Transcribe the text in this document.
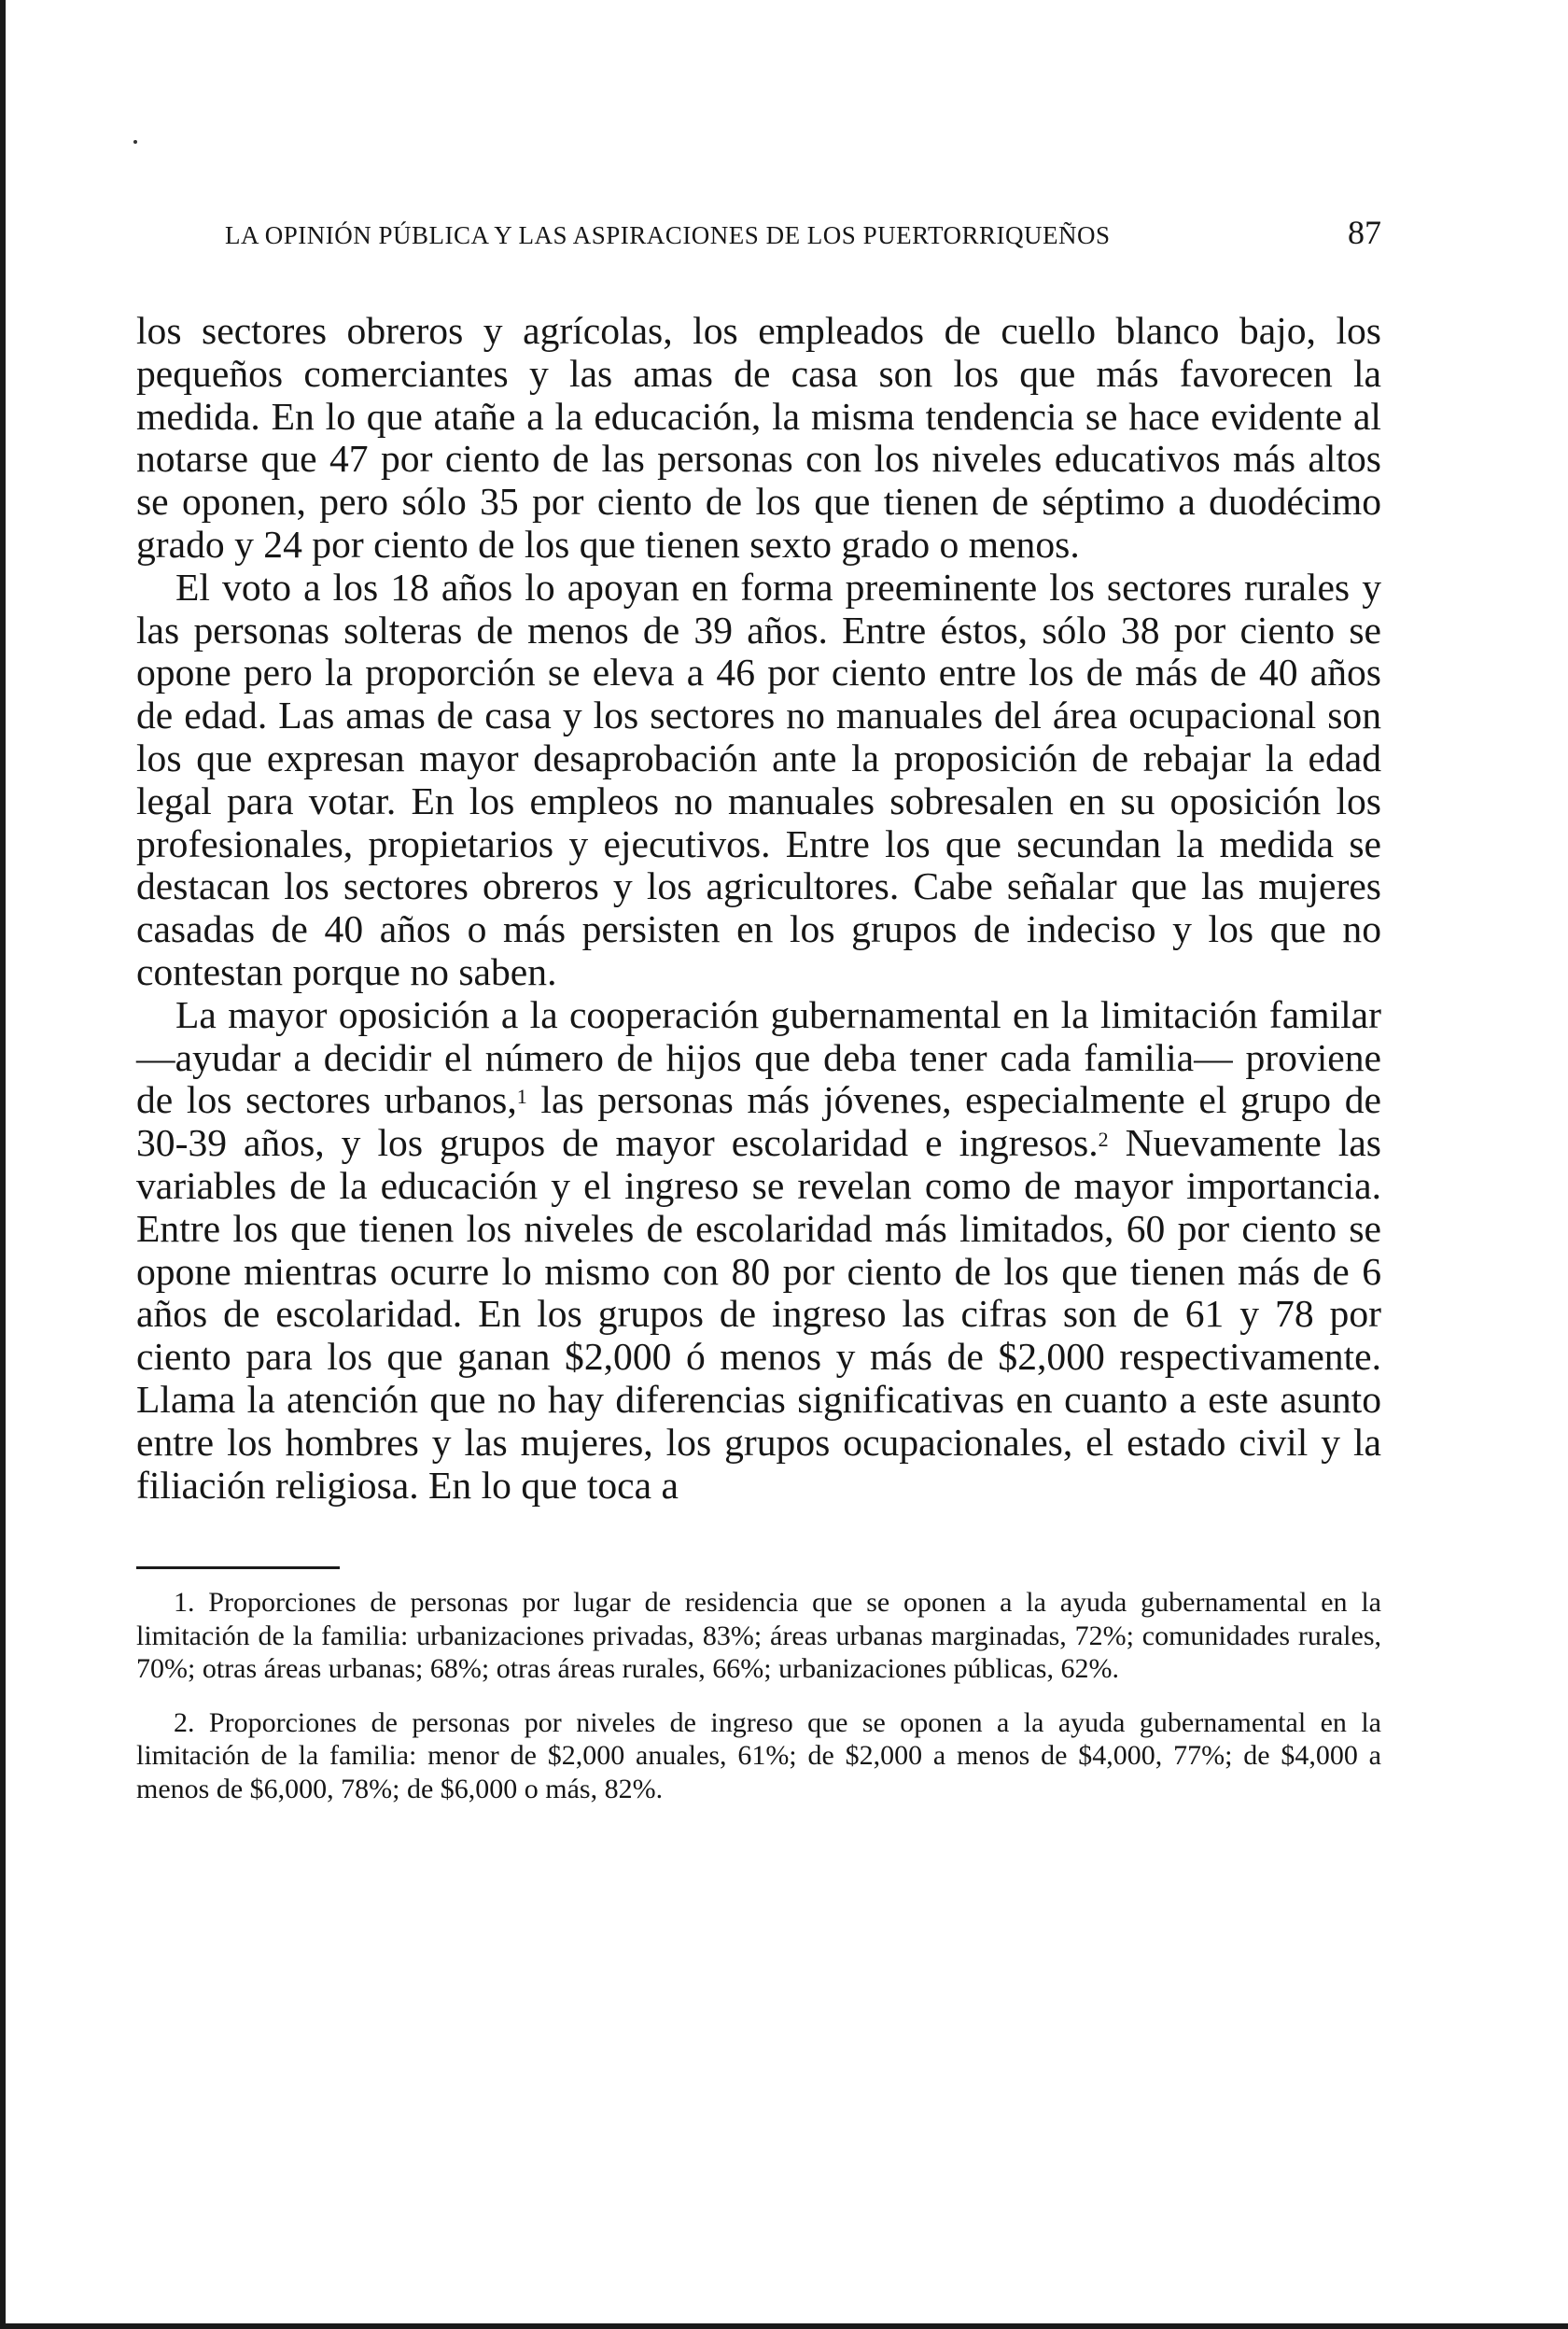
LA OPINIÓN PÚBLICA Y LAS ASPIRACIONES DE LOS PUERTORRIQUEÑOS	87

los sectores obreros y agrícolas, los empleados de cuello blanco bajo, los pequeños comerciantes y las amas de casa son los que más favorecen la medida. En lo que atañe a la educación, la misma tendencia se hace evidente al notarse que 47 por ciento de las personas con los niveles educativos más altos se oponen, pero sólo 35 por ciento de los que tienen de séptimo a duodécimo grado y 24 por ciento de los que tienen sexto grado o menos.

El voto a los 18 años lo apoyan en forma preeminente los sectores rurales y las personas solteras de menos de 39 años. Entre éstos, sólo 38 por ciento se opone pero la proporción se eleva a 46 por ciento entre los de más de 40 años de edad. Las amas de casa y los sectores no manuales del área ocupacional son los que expresan mayor desaprobación ante la proposición de rebajar la edad legal para votar. En los empleos no manuales sobresalen en su oposición los profesionales, propietarios y ejecutivos. Entre los que secundan la medida se destacan los sectores obreros y los agricultores. Cabe señalar que las mujeres casadas de 40 años o más persisten en los grupos de indeciso y los que no contestan porque no saben.

La mayor oposición a la cooperación gubernamental en la limitación familar —ayudar a decidir el número de hijos que deba tener cada familia— proviene de los sectores urbanos,$^1$ las personas más jóvenes, especialmente el grupo de 30-39 años, y los grupos de mayor escolaridad e ingresos.$^2$ Nuevamente las variables de la educación y el ingreso se revelan como de mayor importancia. Entre los que tienen los niveles de escolaridad más limitados, 60 por ciento se opone mientras ocurre lo mismo con 80 por ciento de los que tienen más de 6 años de escolaridad. En los grupos de ingreso las cifras son de 61 y 78 por ciento para los que ganan $2,000 ó menos y más de $2,000 respectivamente. Llama la atención que no hay diferencias significativas en cuanto a este asunto entre los hombres y las mujeres, los grupos ocupacionales, el estado civil y la filiación religiosa. En lo que toca a

1. Proporciones de personas por lugar de residencia que se oponen a la ayuda gubernamental en la limitación de la familia: urbanizaciones privadas, 83%; áreas urbanas marginadas, 72%; comunidades rurales, 70%; otras áreas urbanas; 68%; otras áreas rurales, 66%; urbanizaciones públicas, 62%.

2. Proporciones de personas por niveles de ingreso que se oponen a la ayuda gubernamental en la limitación de la familia: menor de $2,000 anuales, 61%; de $2,000 a menos de $4,000, 77%; de $4,000 a menos de $6,000, 78%; de $6,000 o más, 82%.
